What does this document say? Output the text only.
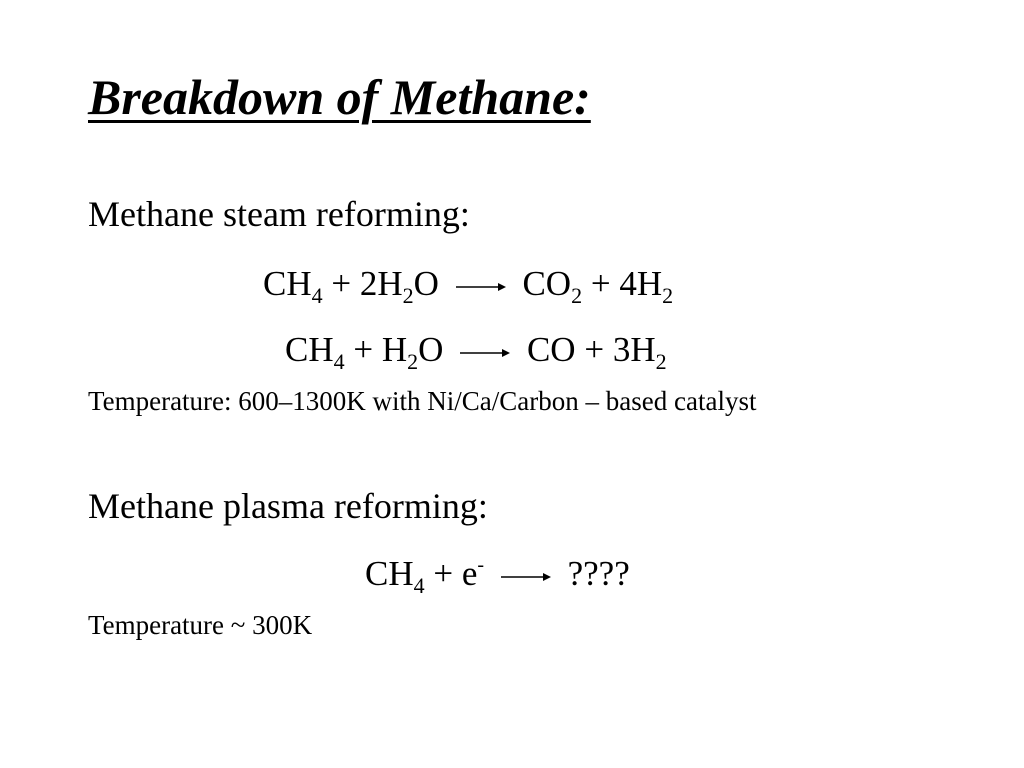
Breakdown of Methane:
Methane steam reforming:
$CH_4 + 2H_2O \to CO_2 + 4H_2$
$CH_4 + H_2O$ → CO + $3H_2$
Temperature: 600–1300K with Ni/Ca/Carbon – based catalyst
Methane plasma reforming:
$CH_4 + e^-$ → ????
Temperature ~ 300K
